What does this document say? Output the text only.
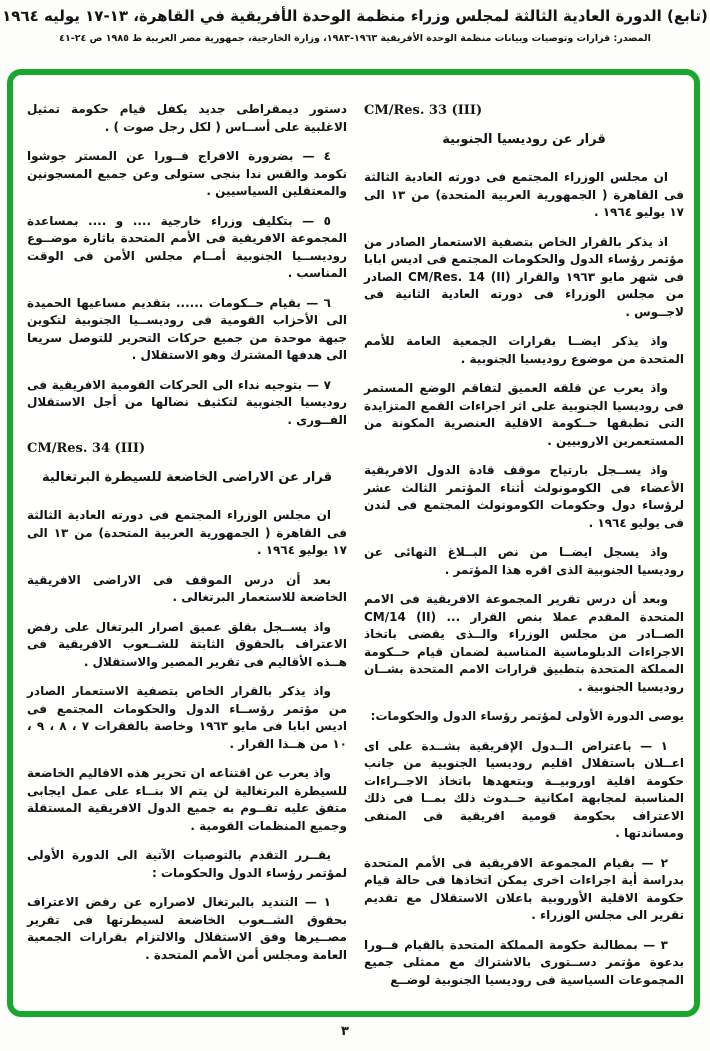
(تابع) الدورة العادية الثالثة لمجلس وزراء منظمة الوحدة الأفريقية في القاهرة، ١٣-١٧ يوليه ١٩٦٤
المصدر: قرارات وتوصيات وبيانات منظمة الوحدة الأفريقية ١٩٦٣-١٩٨٣، وزارة الخارجية، جمهورية مصر العربية ط ١٩٨٥ ص ٢٤-٤١
CM/Res. 33 (III)
قرار عن روديسيا الجنوبية

ان مجلس الوزراء المجتمع فى دورته العادية الثالثة فى القاهرة ( الجمهورية العربية المتحدة) من ١٣ الى ١٧ يوليو ١٩٦٤ .

اذ يذكر بالقرار الخاص بتصفية الاستعمار الصادر من مؤتمر رؤساء الدول والحكومات المجتمع فى اديس ابابا فى شهر مايو ١٩٦٣ والقرار CM/Res. 14 (II) الصادر من مجلس الوزراء فى دورته العادية الثانية فى لاجــوس .

واذ يذكر ايضــا بقرارات الجمعية العامة للأمم المتحدة من موضوع روديسيا الجنوبية .

واذ يعرب عن قلقه العميق لتفاقم الوضع المستمر فى روديسيا الجنوبية على اثر اجراءات القمع المتزايدة التى تطبقها حــكومة الاقلية العنصرية المكونة من المستعمرين الاروبيين .

واذ يســجل بارتياح موقف قادة الدول الافريقية الأعضاء فى الكومونولث أثناء المؤتمر الثالث عشر لرؤساء دول وحكومات الكومونولث المجتمع فى لندن فى يوليو ١٩٦٤ .

واذ يسجل ايضــا من نص البــلاغ النهائى عن روديسيا الجنوبية الذى اقره هذا المؤتمر .

وبعد أن درس تقرير المجموعة الافريقية فى الامم المتحدة المقدم عملا بنص القرار ... CM/14 (II) الصــادر من مجلس الوزراء والــذى يقضى باتخاذ الاجراءات الدبلوماسية المناسبة لضمان قيام حــكومة المملكة المتحدة بتطبيق قرارات الامم المتحدة بشــان روديسيا الجنوبية .

يوصى الدورة الأولى لمؤتمر رؤساء الدول والحكومات:

١ — باعتراض الــدول الإفريقية بشــدة على اى اعــلان باستقلال اقليم روديسيا الجنوبية من جانب حكومة اقلية اوروبيــة وبتعهدها باتخاذ الاجــراءات المناسبة لمجابهة امكانية حــدوث ذلك بمــا فى ذلك الاعتراف بحكومة قومية افريقية فى المنفى ومساندتها .

٢ — بقيام المجموعة الافريقية فى الأمم المتحدة بدراسة أية اجراءات اخرى يمكن اتخاذها فى حالة قيام حكومة الاقلية الأوروبية باعلان الاستقلال مع تقديم تقرير الى مجلس الوزراء .

٣ — بمطالبة حكومة المملكة المتحدة بالقيام فــورا بدعوة مؤتمر دســتورى بالاشتراك مع ممثلى جميع المجموعات السياسية فى روديسيا الجنوبية لوضــع

دستور ديمقراطى جديد يكفل قيام حكومة تمثيل الاغلبية على أســاس ( لكل رجل صوت ) .

٤ — بضرورة الافراج فــورا عن المستر جوشوا نكومد والقس ندا بنجى ستولى وعن جميع المسجونين والمعتقلين السياسيين .

٥ — بتكليف وزراء خارجية .... و .... بمساعدة المجموعة الافريقية فى الأمم المتحدة باثارة موضــوع روديســيا الجنوبية أمــام مجلس الأمن فى الوقت المناسب .

٦ — بقيام حــكومات ...... بتقديم مساعيها الحميدة الى الأحزاب القومية فى روديســيا الجنوبية لتكوين جبهة موحدة من جميع حركات التحرير للتوصل سريعا الى هدفها المشترك وهو الاستقلال .

٧ — بتوجيه نداء الى الحركات القومية الافريقية فى روديسيا الجنوبية لتكثيف نضالها من أجل الاستقلال الفــورى .

CM/Res. 34 (III)
قرار عن الاراضى الخاضعة للسيطرة البرتغالية

ان مجلس الوزراء المجتمع فى دورته العادية الثالثة فى القاهرة ( الجمهورية العربية المتحدة) من ١٣ الى ١٧ يوليو ١٩٦٤ .

بعد أن درس الموقف فى الاراضى الافريقية الخاضعة للاستعمار البرتغالى .

واذ يســجل بقلق عميق اصرار البرتغال على رفض الاعتراف بالحقوق الثابتة للشــعوب الافريقية فى هــذه الأقاليم فى تقرير المصير والاستقلال .

واذ يذكر بالقرار الخاص بتصفية الاستعمار الصادر من مؤتمر رؤســاء الدول والحكومات المجتمع فى اديس ابابا فى مايو ١٩٦٣ وخاصة بالفقرات ٧ ، ٨ ، ٩ ، ١٠ من هــذا القرار .

واذ يعرب عن اقتناعه ان تحرير هذه الاقاليم الخاضعة للسيطرة البرتغالية لن يتم الا بنــاء على عمل ايجابى متفق عليه تقــوم به جميع الدول الافريقية المستقلة وجميع المنظمات القومية .

يقــرر التقدم بالتوصيات الآتية الى الدورة الأولى لمؤتمر رؤساء الدول والحكومات :

١ — التنديد بالبرتغال لاصراره عن رفض الاعتراف بحقوق الشــعوب الخاضعة لسيطرتها فى تقرير مصــيرها وفق الاستقلال والالتزام بقرارات الجمعية العامة ومجلس أمن الأمم المتحدة .

٣
